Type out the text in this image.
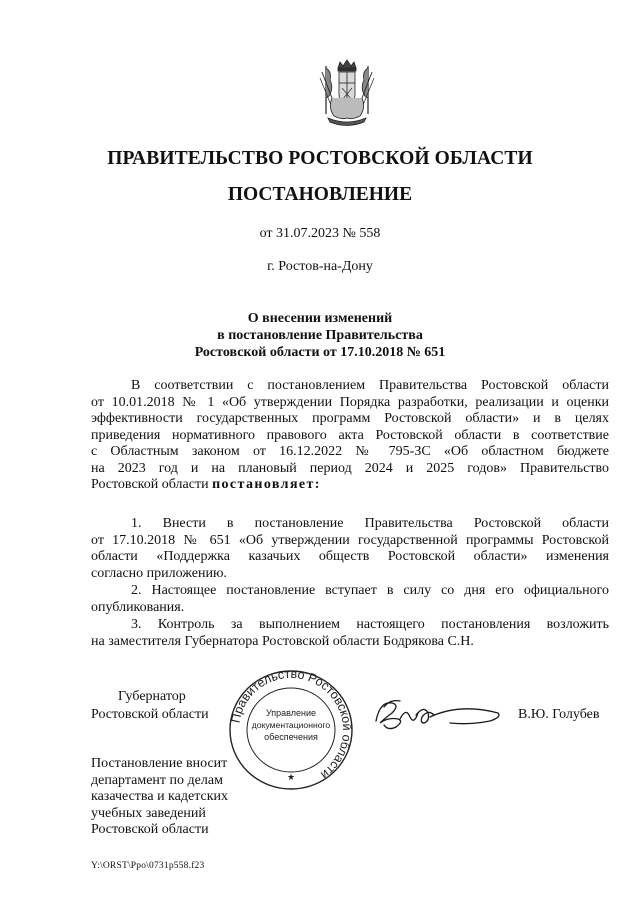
ПРАВИТЕЛЬСТВО РОСТОВСКОЙ ОБЛАСТИ
ПОСТАНОВЛЕНИЕ
от 31.07.2023 № 558
г. Ростов-на-Дону
О внесении изменений
в постановление Правительства
Ростовской области от 17.10.2018 № 651
В соответствии с постановлением Правительства Ростовской области
от 10.01.2018 № 1 «Об утверждении Порядка разработки, реализации и оценки
эффективности государственных программ Ростовской области» и в целях
приведения нормативного правового акта Ростовской области в соответствие
с Областным законом от 16.12.2022 № 795-ЗС «Об областном бюджете
на 2023 год и на плановый период 2024 и 2025 годов» Правительство
Ростовской области постановляет:
1. Внести в постановление Правительства Ростовской области
от 17.10.2018 № 651 «Об утверждении государственной программы Ростовской
области «Поддержка казачьих обществ Ростовской области» изменения
согласно приложению.
2. Настоящее постановление вступает в силу со дня его официального
опубликования.
3. Контроль за выполнением настоящего постановления возложить
на заместителя Губернатора Ростовской области Бодрякова С.Н.
Губернатор
Ростовской области Правительство Ростовской области
Управление
документационного
обеспечения
★
В.Ю. Голубев
Постановление вносит
департамент по делам
казачества и кадетских
учебных заведений
Ростовской области
Y:\ORST\Ppo\0731p558.f23
